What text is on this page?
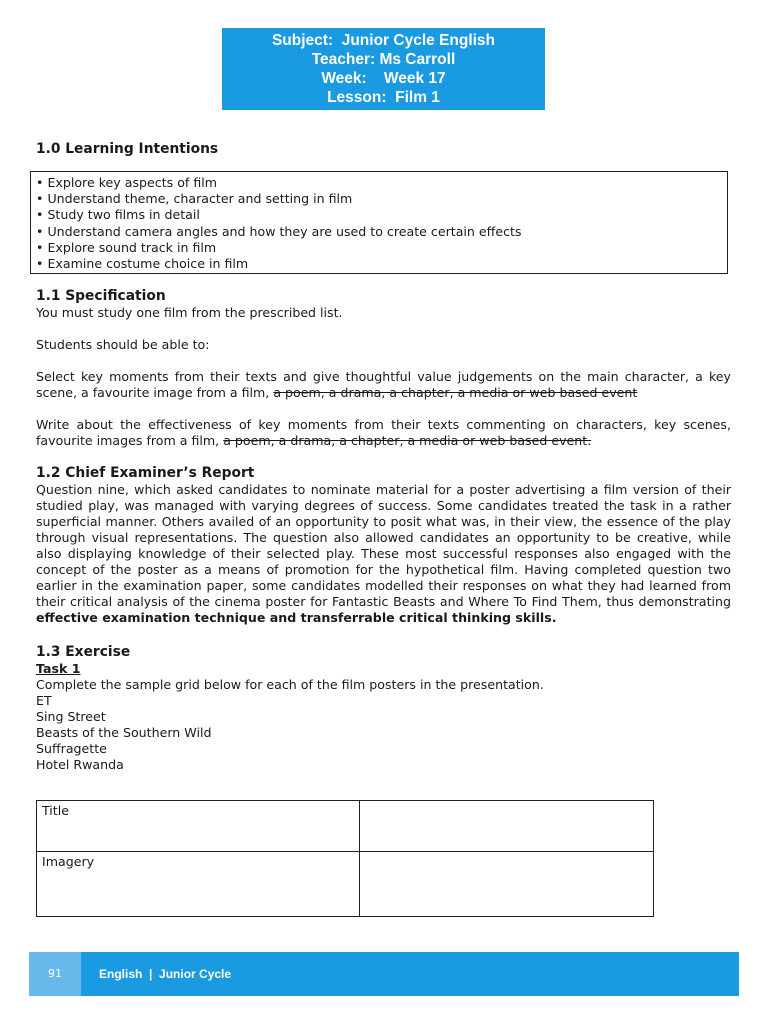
Subject:  Junior Cycle English
Teacher: Ms Carroll
Week:    Week 17
Lesson:  Film 1
1.0 Learning Intentions
• Explore key aspects of film
• Understand theme, character and setting in film
• Study two films in detail
• Understand camera angles and how they are used to create certain effects
• Explore sound track in film
• Examine costume choice in film
1.1 Specification

You must study one film from the prescribed list.

Students should be able to:

Select key moments from their texts and give thoughtful value judgements on the main character, a key scene, a favourite image from a film, a poem, a drama, a chapter, a media or web based event

Write about the effectiveness of key moments from their texts commenting on characters, key scenes, favourite images from a film, a poem, a drama, a chapter, a media or web based event.

1.2 Chief Examiner’s Report

Question nine, which asked candidates to nominate material for a poster advertising a film version of their studied play, was managed with varying degrees of success. Some candidates treated the task in a rather superficial manner. Others availed of an opportunity to posit what was, in their view, the essence of the play through visual representations. The question also allowed candidates an opportunity to be creative, while also displaying knowledge of their selected play. These most successful responses also engaged with the concept of the poster as a means of promotion for the hypothetical film. Having completed question two earlier in the examination paper, some candidates modelled their responses on what they had learned from their critical analysis of the cinema poster for Fantastic Beasts and Where To Find Them, thus demonstrating effective examination technique and transferrable critical thinking skills.

1.3 Exercise

Task 1

Complete the sample grid below for each of the film posters in the presentation.

ET

Sing Street

Beasts of the Southern Wild

Suffragette

Hotel Rwanda

Title	
Imagery	
91	English  |  Junior Cycle
